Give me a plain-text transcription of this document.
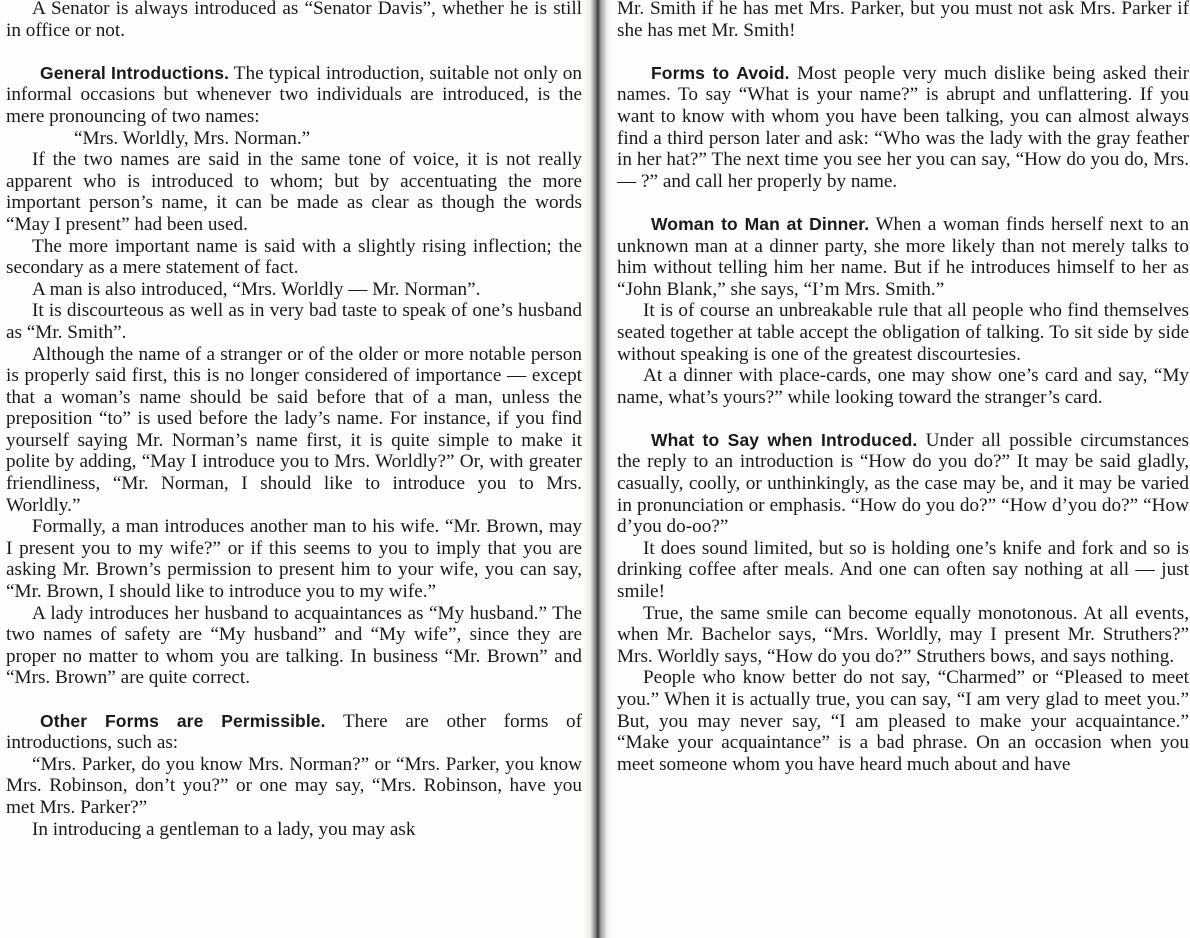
A Senator is always introduced as “Senator Davis”, whether he is still in office or not.

General Introductions. The typical introduction, suitable not only on informal occasions but whenever two individuals are introduced, is the mere pronouncing of two names:

“Mrs. Worldly, Mrs. Norman.”

If the two names are said in the same tone of voice, it is not really apparent who is introduced to whom; but by accentuating the more important person’s name, it can be made as clear as though the words “May I present” had been used.

The more important name is said with a slightly rising inflection; the secondary as a mere statement of fact.

A man is also introduced, “Mrs. Worldly — Mr. Norman”.

It is discourteous as well as in very bad taste to speak of one’s husband as “Mr. Smith”.

Although the name of a stranger or of the older or more notable person is properly said first, this is no longer considered of importance — except that a woman’s name should be said before that of a man, unless the preposition “to” is used before the lady’s name. For instance, if you find yourself saying Mr. Norman’s name first, it is quite simple to make it polite by adding, “May I introduce you to Mrs. Worldly?” Or, with greater friendliness, “Mr. Norman, I should like to introduce you to Mrs. Worldly.”

Formally, a man introduces another man to his wife. “Mr. Brown, may I present you to my wife?” or if this seems to you to imply that you are asking Mr. Brown’s permission to present him to your wife, you can say, “Mr. Brown, I should like to introduce you to my wife.”

A lady introduces her husband to acquaintances as “My husband.” The two names of safety are “My husband” and “My wife”, since they are proper no matter to whom you are talking. In business “Mr. Brown” and “Mrs. Brown” are quite correct.

Other Forms are Permissible. There are other forms of introductions, such as:

“Mrs. Parker, do you know Mrs. Norman?” or “Mrs. Parker, you know Mrs. Robinson, don’t you?” or one may say, “Mrs. Robinson, have you met Mrs. Parker?”

In introducing a gentleman to a lady, you may ask

Mr. Smith if he has met Mrs. Parker, but you must not ask Mrs. Parker if she has met Mr. Smith!

Forms to Avoid. Most people very much dislike being asked their names. To say “What is your name?” is abrupt and unflattering. If you want to know with whom you have been talking, you can almost always find a third person later and ask: “Who was the lady with the gray feather in her hat?” The next time you see her you can say, “How do you do, Mrs. — ?” and call her properly by name.

Woman to Man at Dinner. When a woman finds herself next to an unknown man at a dinner party, she more likely than not merely talks to him without telling him her name. But if he introduces himself to her as “John Blank,” she says, “I’m Mrs. Smith.”

It is of course an unbreakable rule that all people who find themselves seated together at table accept the obligation of talking. To sit side by side without speaking is one of the greatest discourtesies.

At a dinner with place-cards, one may show one’s card and say, “My name, what’s yours?” while looking toward the stranger’s card.

What to Say when Introduced. Under all possible circumstances the reply to an introduction is “How do you do?” It may be said gladly, casually, coolly, or unthinkingly, as the case may be, and it may be varied in pronunciation or emphasis. “How do you do?” “How d’you do?” “How d’you do-oo?”

It does sound limited, but so is holding one’s knife and fork and so is drinking coffee after meals. And one can often say nothing at all — just smile!

True, the same smile can become equally monotonous. At all events, when Mr. Bachelor says, “Mrs. Worldly, may I present Mr. Struthers?” Mrs. Worldly says, “How do you do?” Struthers bows, and says nothing.

People who know better do not say, “Charmed” or “Pleased to meet you.” When it is actually true, you can say, “I am very glad to meet you.” But, you may never say, “I am pleased to make your acquaintance.” “Make your acquaintance” is a bad phrase. On an occasion when you meet someone whom you have heard much about and have
